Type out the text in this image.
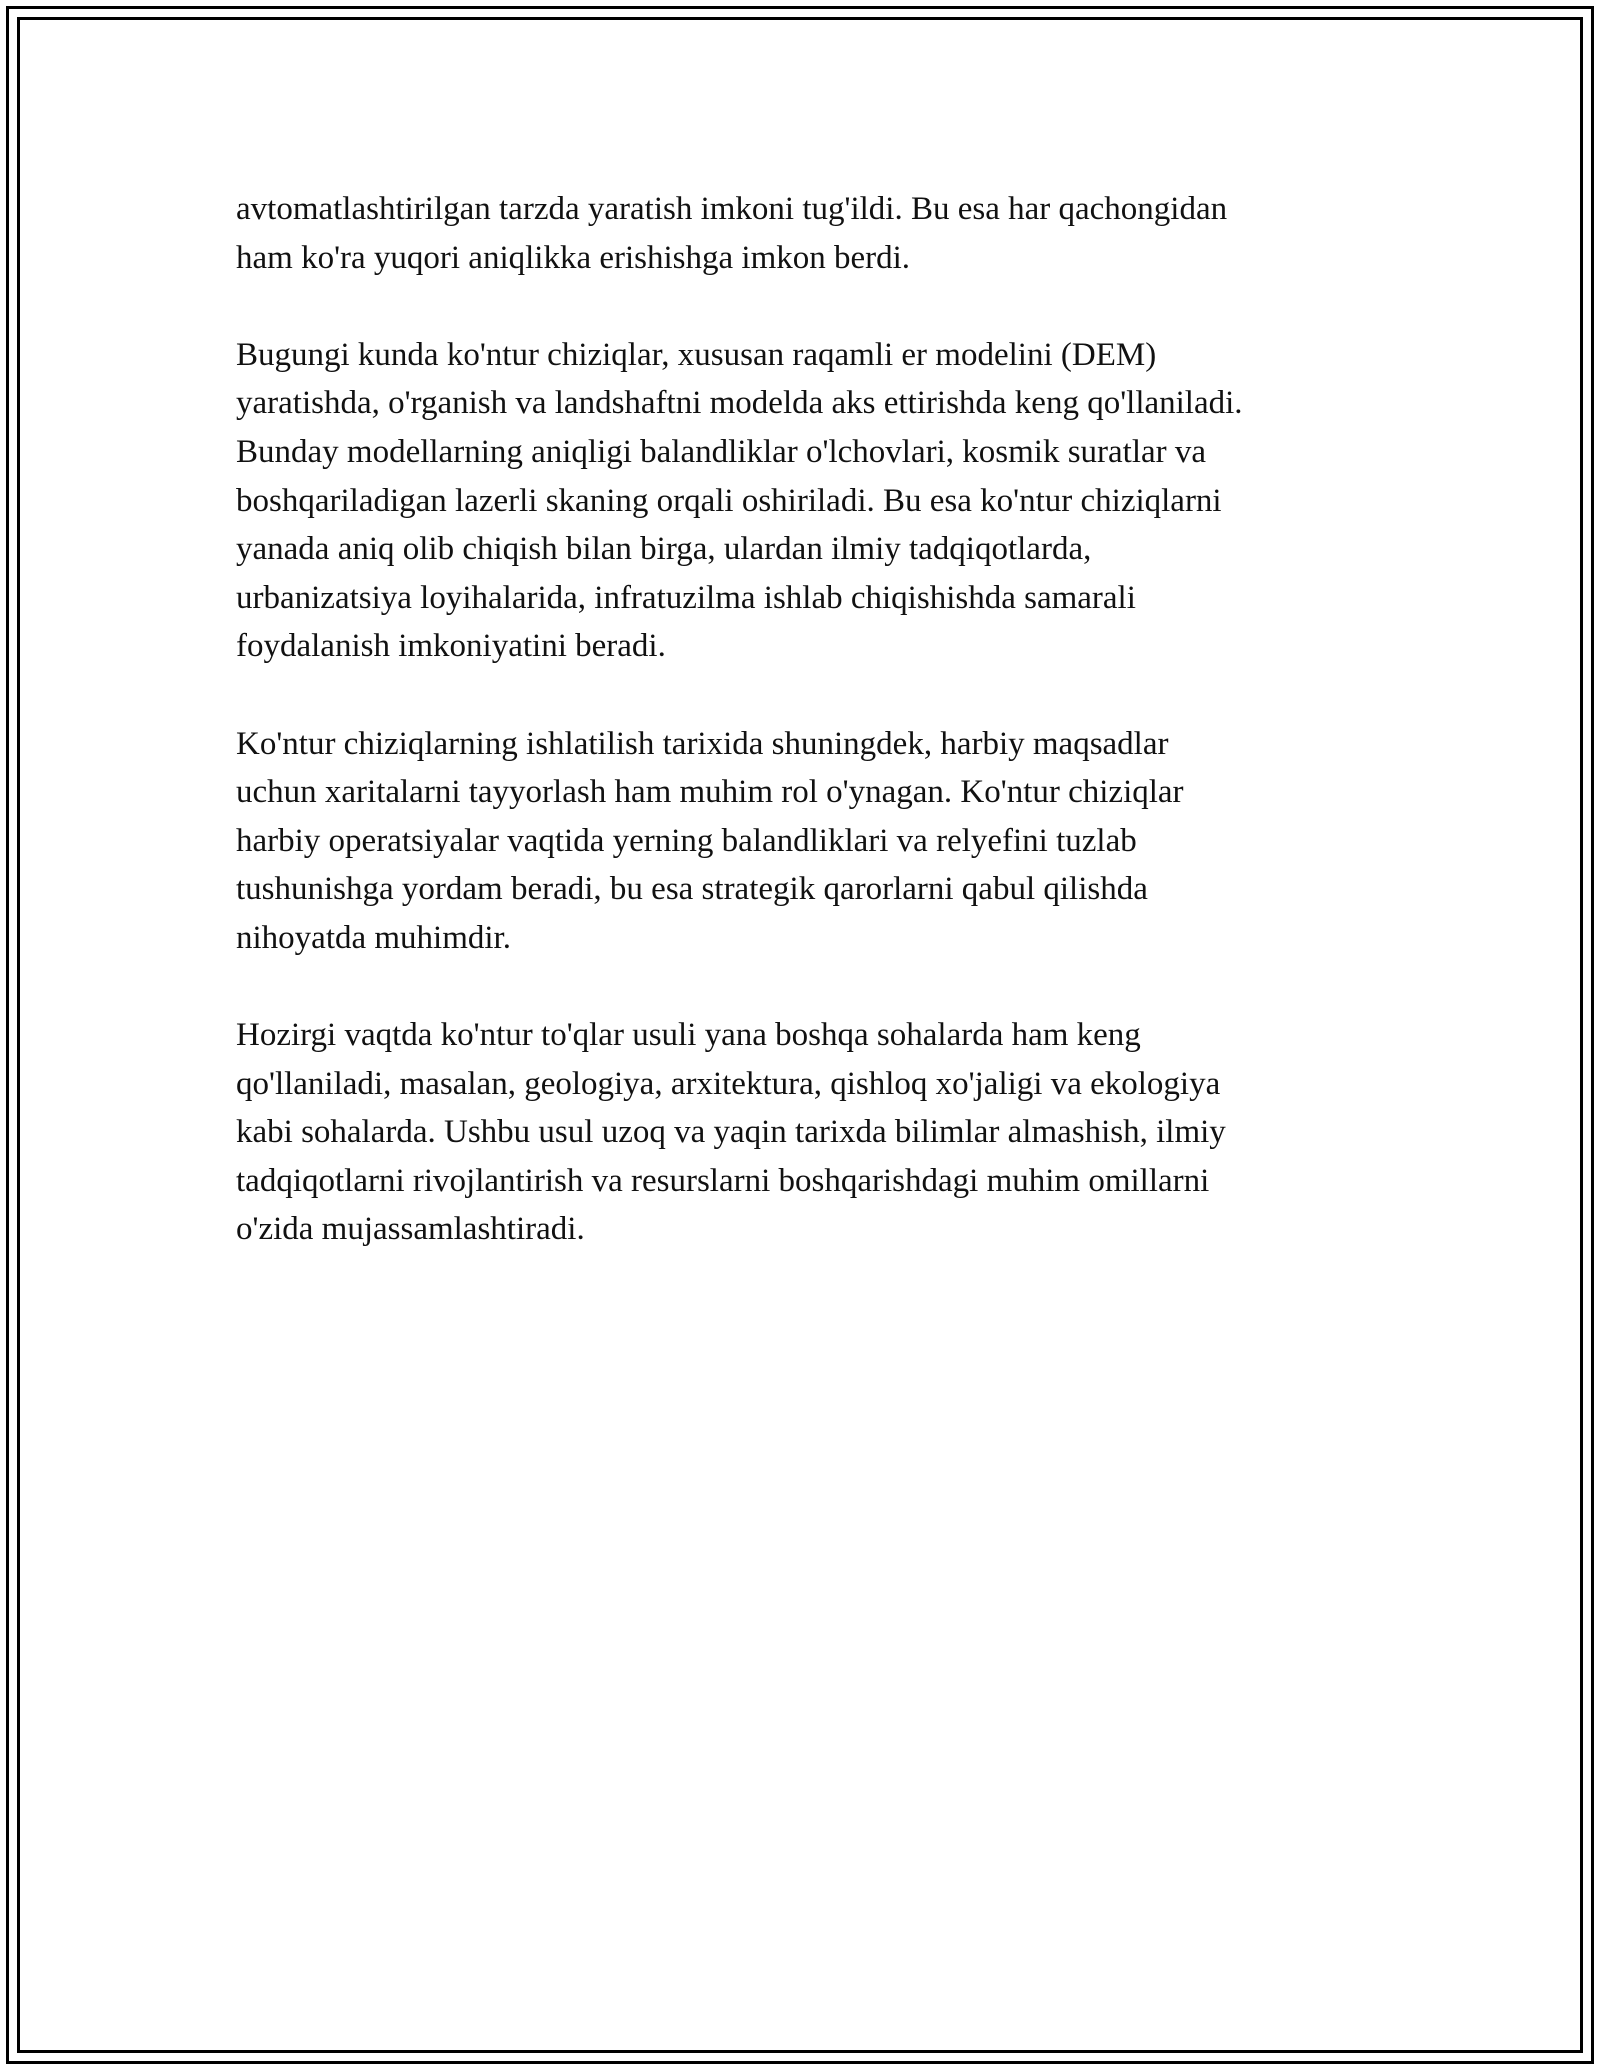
avtomatlashtirilgan tarzda yaratish imkoni tug'ildi. Bu esa har qachongidan
ham ko'ra yuqori aniqlikka erishishga imkon berdi.

Bugungi kunda ko'ntur chiziqlar, xususan raqamli er modelini (DEM)
yaratishda, o'rganish va landshaftni modelda aks ettirishda keng qo'llaniladi.
Bunday modellarning aniqligi balandliklar o'lchovlari, kosmik suratlar va
boshqariladigan lazerli skaning orqali oshiriladi. Bu esa ko'ntur chiziqlarni
yanada aniq olib chiqish bilan birga, ulardan ilmiy tadqiqotlarda,
urbanizatsiya loyihalarida, infratuzilma ishlab chiqishishda samarali
foydalanish imkoniyatini beradi.

Ko'ntur chiziqlarning ishlatilish tarixida shuningdek, harbiy maqsadlar
uchun xaritalarni tayyorlash ham muhim rol o'ynagan. Ko'ntur chiziqlar
harbiy operatsiyalar vaqtida yerning balandliklari va relyefini tuzlab
tushunishga yordam beradi, bu esa strategik qarorlarni qabul qilishda
nihoyatda muhimdir.

Hozirgi vaqtda ko'ntur to'qlar usuli yana boshqa sohalarda ham keng
qo'llaniladi, masalan, geologiya, arxitektura, qishloq xo'jaligi va ekologiya
kabi sohalarda. Ushbu usul uzoq va yaqin tarixda bilimlar almashish, ilmiy
tadqiqotlarni rivojlantirish va resurslarni boshqarishdagi muhim omillarni
o'zida mujassamlashtiradi.
